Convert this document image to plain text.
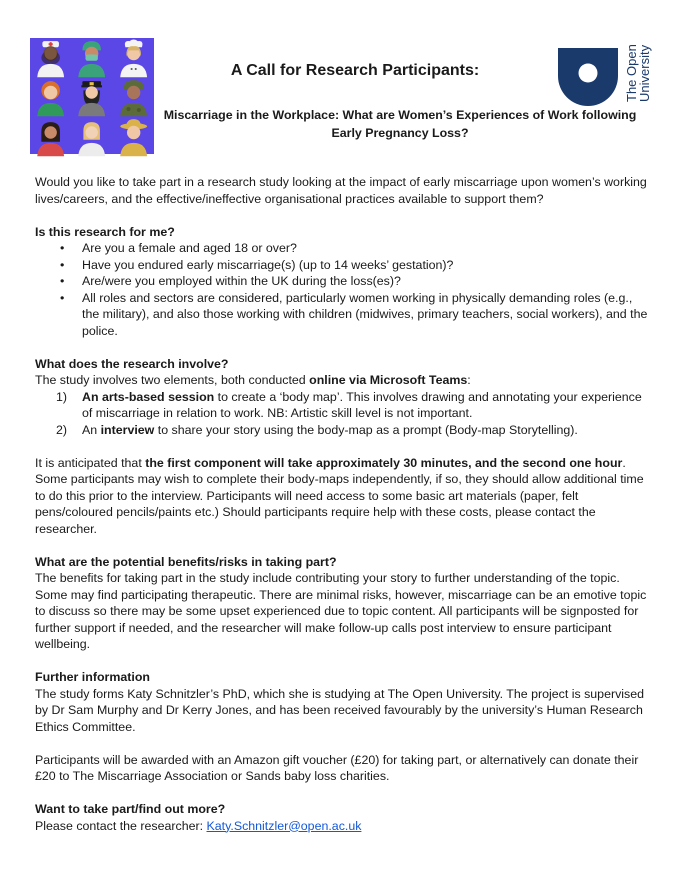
A Call for Research Participants:
Miscarriage in the Workplace: What are Women’s Experiences of Work following
Early Pregnancy Loss?
The Open
University

Would you like to take part in a research study looking at the impact of early miscarriage upon women’s working lives/careers, and the effective/ineffective organisational practices available to support them?

Is this research for me?

• Are you a female and aged 18 or over?
• Have you endured early miscarriage(s) (up to 14 weeks’ gestation)?
• Are/were you employed within the UK during the loss(es)?
• All roles and sectors are considered, particularly women working in physically demanding roles (e.g., the military), and also those working with children (midwives, primary teachers, social workers), and the police.

What does the research involve?

The study involves two elements, both conducted online via Microsoft Teams:

1) An arts-based session to create a ‘body map’. This involves drawing and annotating your experience of miscarriage in relation to work. NB: Artistic skill level is not important.
2) An interview to share your story using the body-map as a prompt (Body-map Storytelling).

It is anticipated that the first component will take approximately 30 minutes, and the second one hour. Some participants may wish to complete their body-maps independently, if so, they should allow additional time to do this prior to the interview. Participants will need access to some basic art materials (paper, felt pens/coloured pencils/paints etc.) Should participants require help with these costs, please contact the researcher.

What are the potential benefits/risks in taking part?

The benefits for taking part in the study include contributing your story to further understanding of the topic. Some may find participating therapeutic. There are minimal risks, however, miscarriage can be an emotive topic to discuss so there may be some upset experienced due to topic content. All participants will be signposted for further support if needed, and the researcher will make follow-up calls post interview to ensure participant wellbeing.

Further information

The study forms Katy Schnitzler’s PhD, which she is studying at The Open University. The project is supervised by Dr Sam Murphy and Dr Kerry Jones, and has been received favourably by the university’s Human Research Ethics Committee.

Participants will be awarded with an Amazon gift voucher (£20) for taking part, or alternatively can donate their £20 to The Miscarriage Association or Sands baby loss charities.

Want to take part/find out more?

Please contact the researcher: Katy.Schnitzler@open.ac.uk
